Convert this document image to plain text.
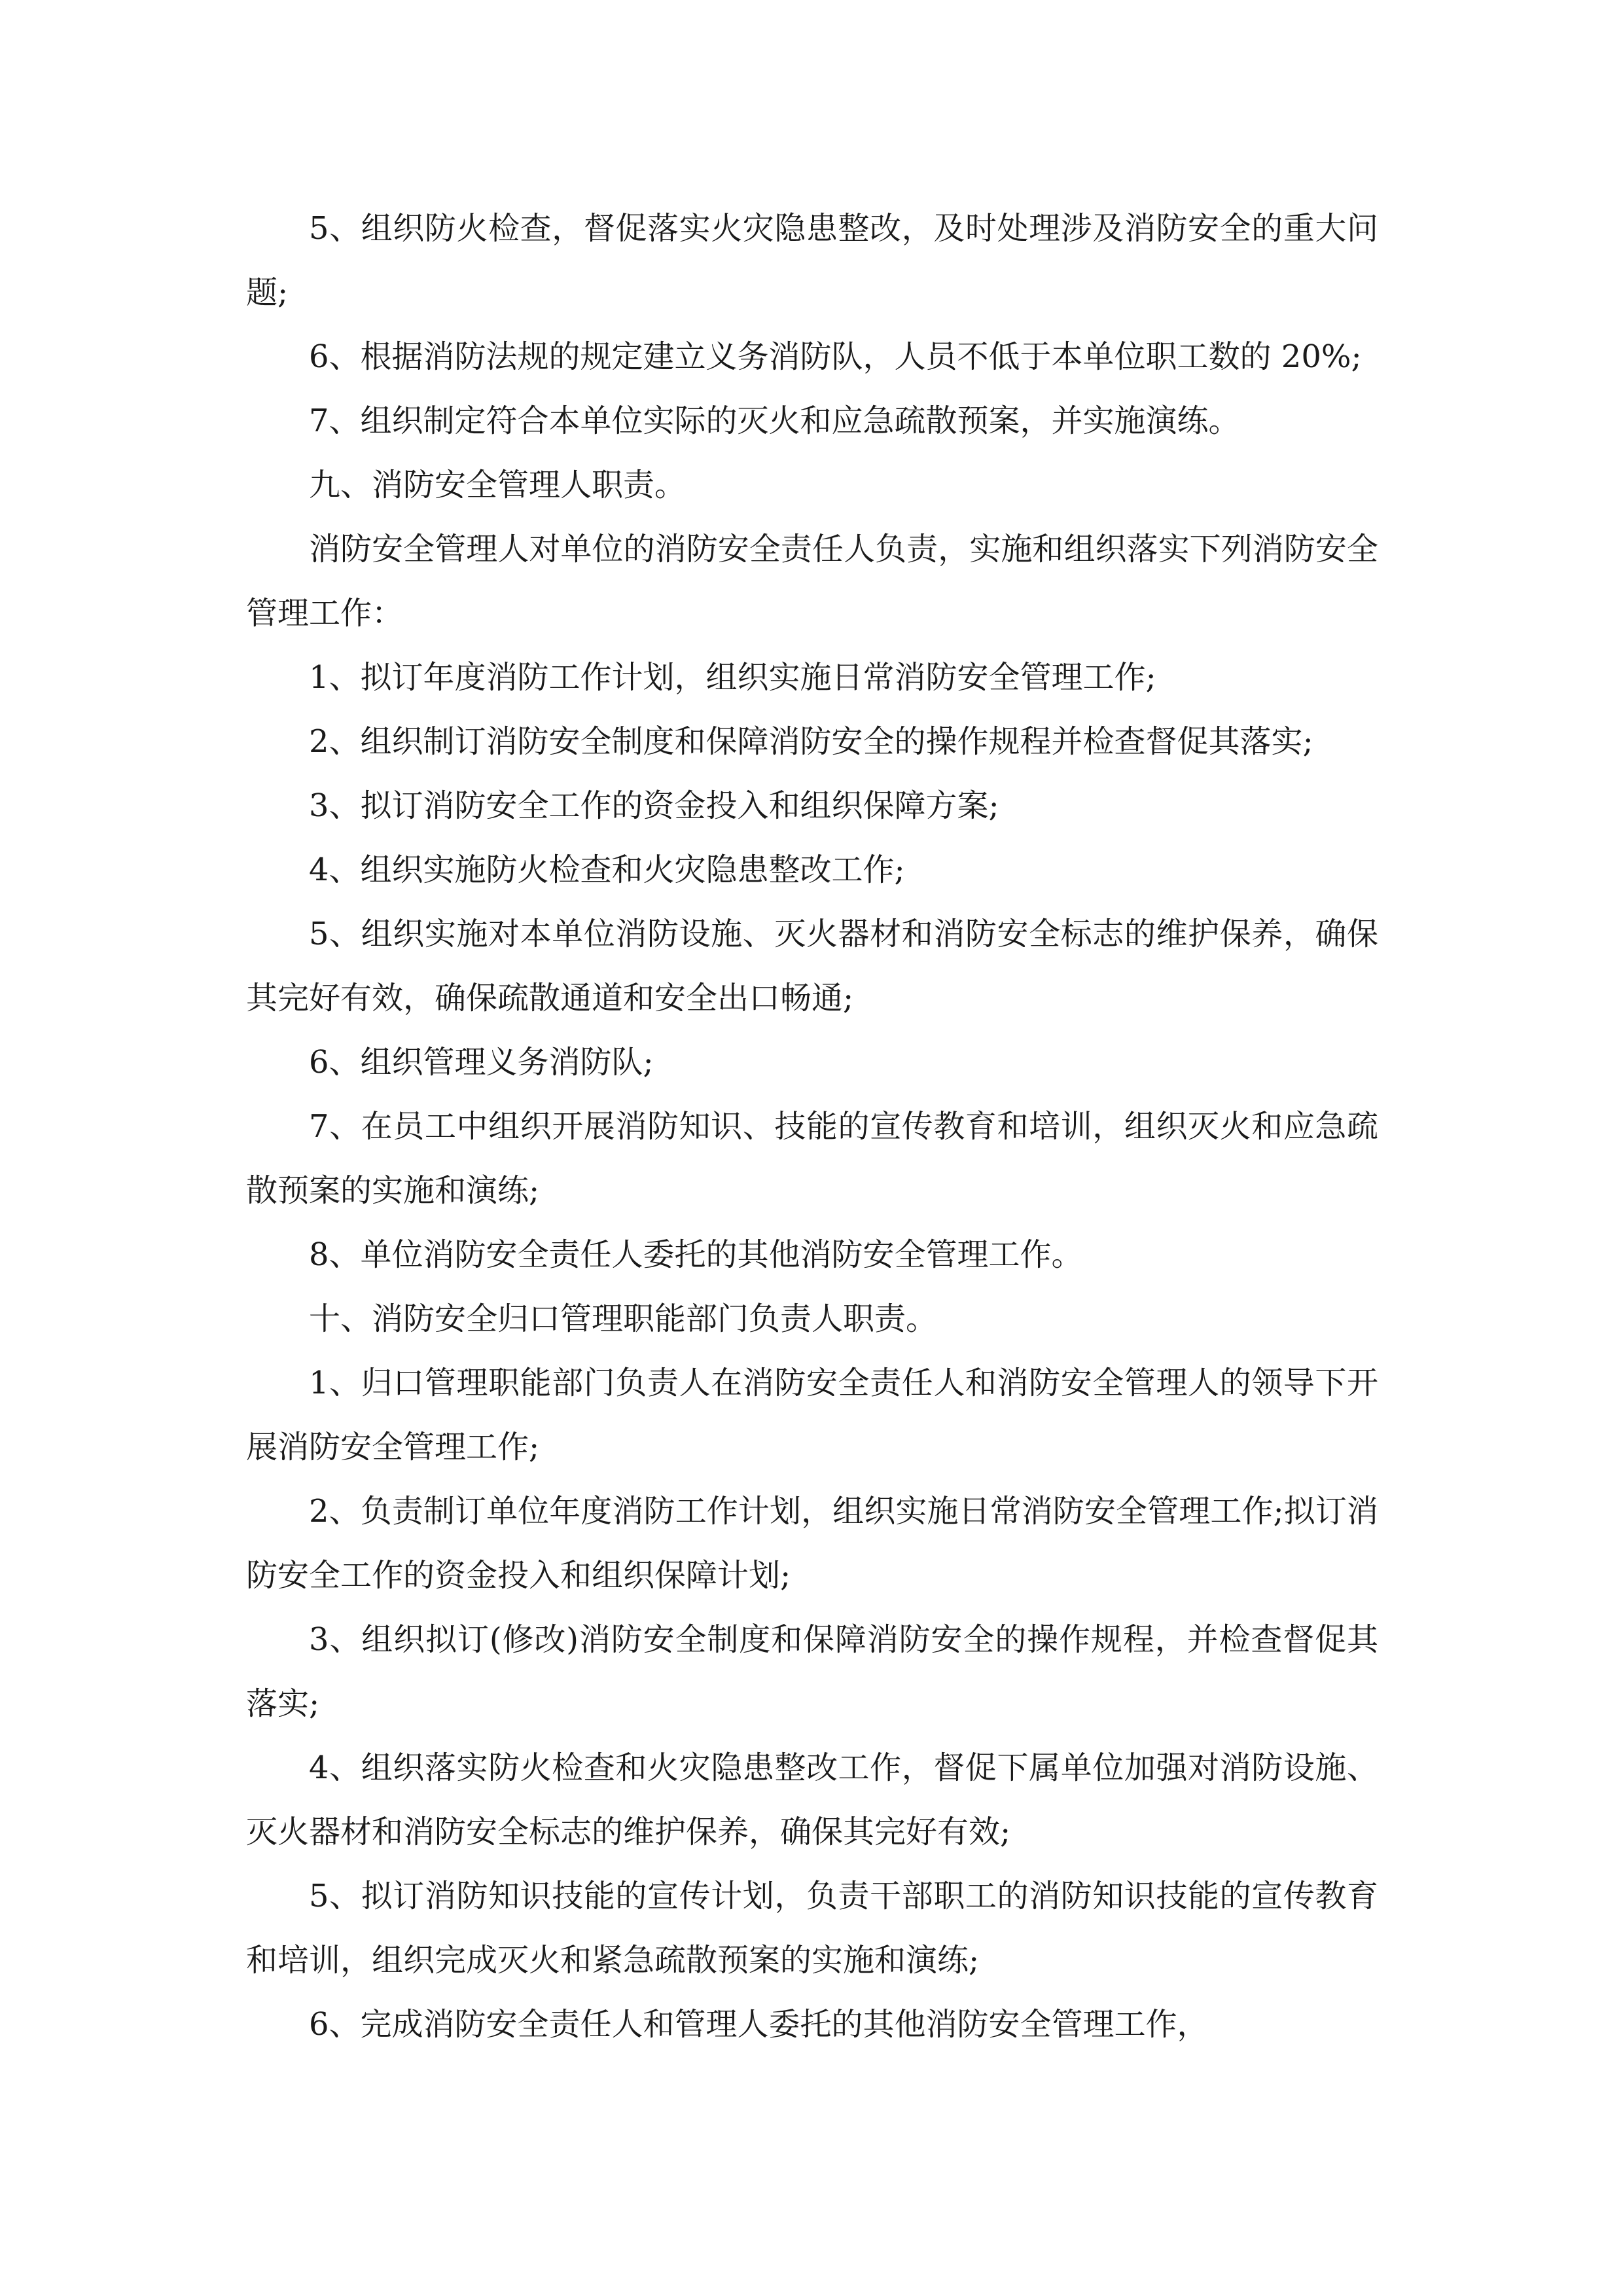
5、组织防火检查，督促落实火灾隐患整改，及时处理涉及消防安全的重大问题;

6、根据消防法规的规定建立义务消防队，人员不低于本单位职工数的 20%;

7、组织制定符合本单位实际的灭火和应急疏散预案，并实施演练。

九、消防安全管理人职责。

消防安全管理人对单位的消防安全责任人负责，实施和组织落实下列消防安全管理工作：

1、拟订年度消防工作计划，组织实施日常消防安全管理工作;

2、组织制订消防安全制度和保障消防安全的操作规程并检查督促其落实;

3、拟订消防安全工作的资金投入和组织保障方案;

4、组织实施防火检查和火灾隐患整改工作;

5、组织实施对本单位消防设施、灭火器材和消防安全标志的维护保养，确保其完好有效，确保疏散通道和安全出口畅通;

6、组织管理义务消防队;

7、在员工中组织开展消防知识、技能的宣传教育和培训，组织灭火和应急疏散预案的实施和演练;

8、单位消防安全责任人委托的其他消防安全管理工作。

十、消防安全归口管理职能部门负责人职责。

1、归口管理职能部门负责人在消防安全责任人和消防安全管理人的领导下开展消防安全管理工作;

2、负责制订单位年度消防工作计划，组织实施日常消防安全管理工作;拟订消防安全工作的资金投入和组织保障计划;

3、组织拟订(修改)消防安全制度和保障消防安全的操作规程，并检查督促其落实;

4、组织落实防火检查和火灾隐患整改工作，督促下属单位加强对消防设施、灭火器材和消防安全标志的维护保养，确保其完好有效;

5、拟订消防知识技能的宣传计划，负责干部职工的消防知识技能的宣传教育和培训，组织完成灭火和紧急疏散预案的实施和演练;

6、完成消防安全责任人和管理人委托的其他消防安全管理工作，
